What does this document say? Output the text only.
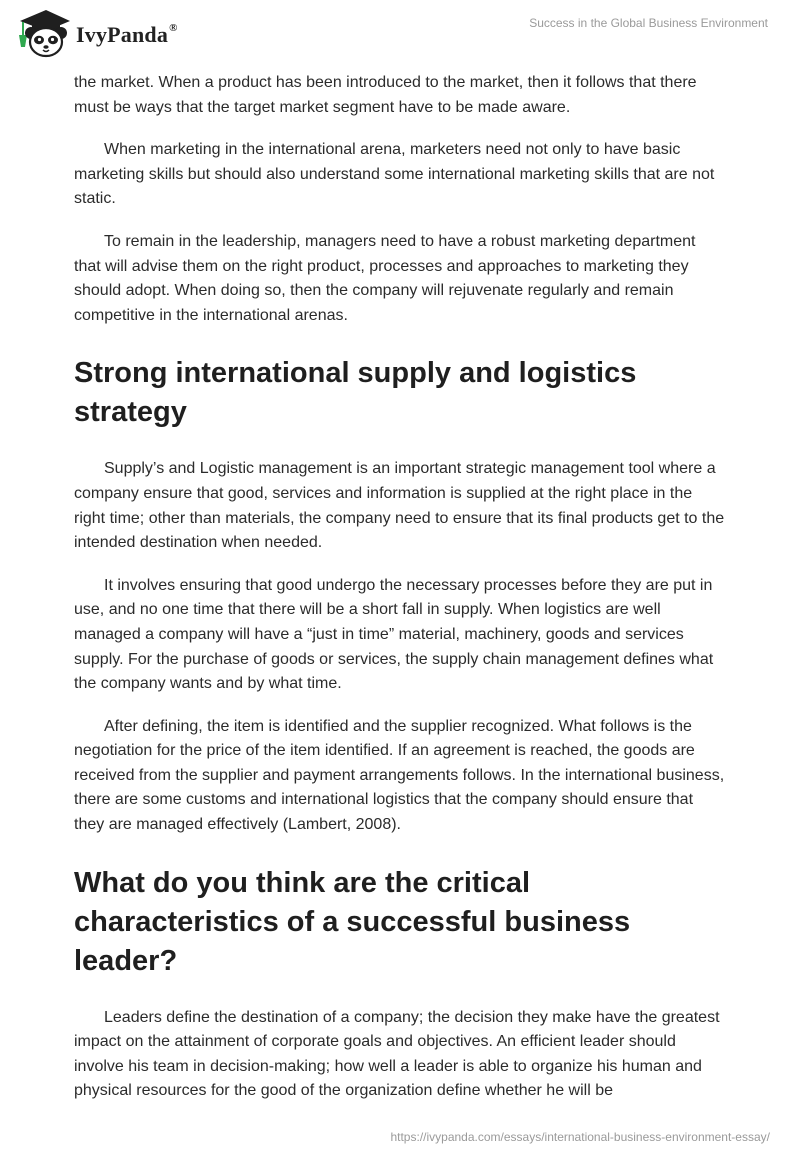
IvyPanda®	Success in the Global Business Environment

the market. When a product has been introduced to the market, then it follows that there must be ways that the target market segment have to be made aware.

When marketing in the international arena, marketers need not only to have basic marketing skills but should also understand some international marketing skills that are not static.

To remain in the leadership, managers need to have a robust marketing department that will advise them on the right product, processes and approaches to marketing they should adopt. When doing so, then the company will rejuvenate regularly and remain competitive in the international arenas.

Strong international supply and logistics strategy

Supply’s and Logistic management is an important strategic management tool where a company ensure that good, services and information is supplied at the right place in the right time; other than materials, the company need to ensure that its final products get to the intended destination when needed.

It involves ensuring that good undergo the necessary processes before they are put in use, and no one time that there will be a short fall in supply. When logistics are well managed a company will have a “just in time” material, machinery, goods and services supply. For the purchase of goods or services, the supply chain management defines what the company wants and by what time.

After defining, the item is identified and the supplier recognized. What follows is the negotiation for the price of the item identified. If an agreement is reached, the goods are received from the supplier and payment arrangements follows. In the international business, there are some customs and international logistics that the company should ensure that they are managed effectively (Lambert, 2008).

What do you think are the critical characteristics of a successful business leader?

Leaders define the destination of a company; the decision they make have the greatest impact on the attainment of corporate goals and objectives. An efficient leader should involve his team in decision-making; how well a leader is able to organize his human and physical resources for the good of the organization define whether he will be

https://ivypanda.com/essays/international-business-environment-essay/
